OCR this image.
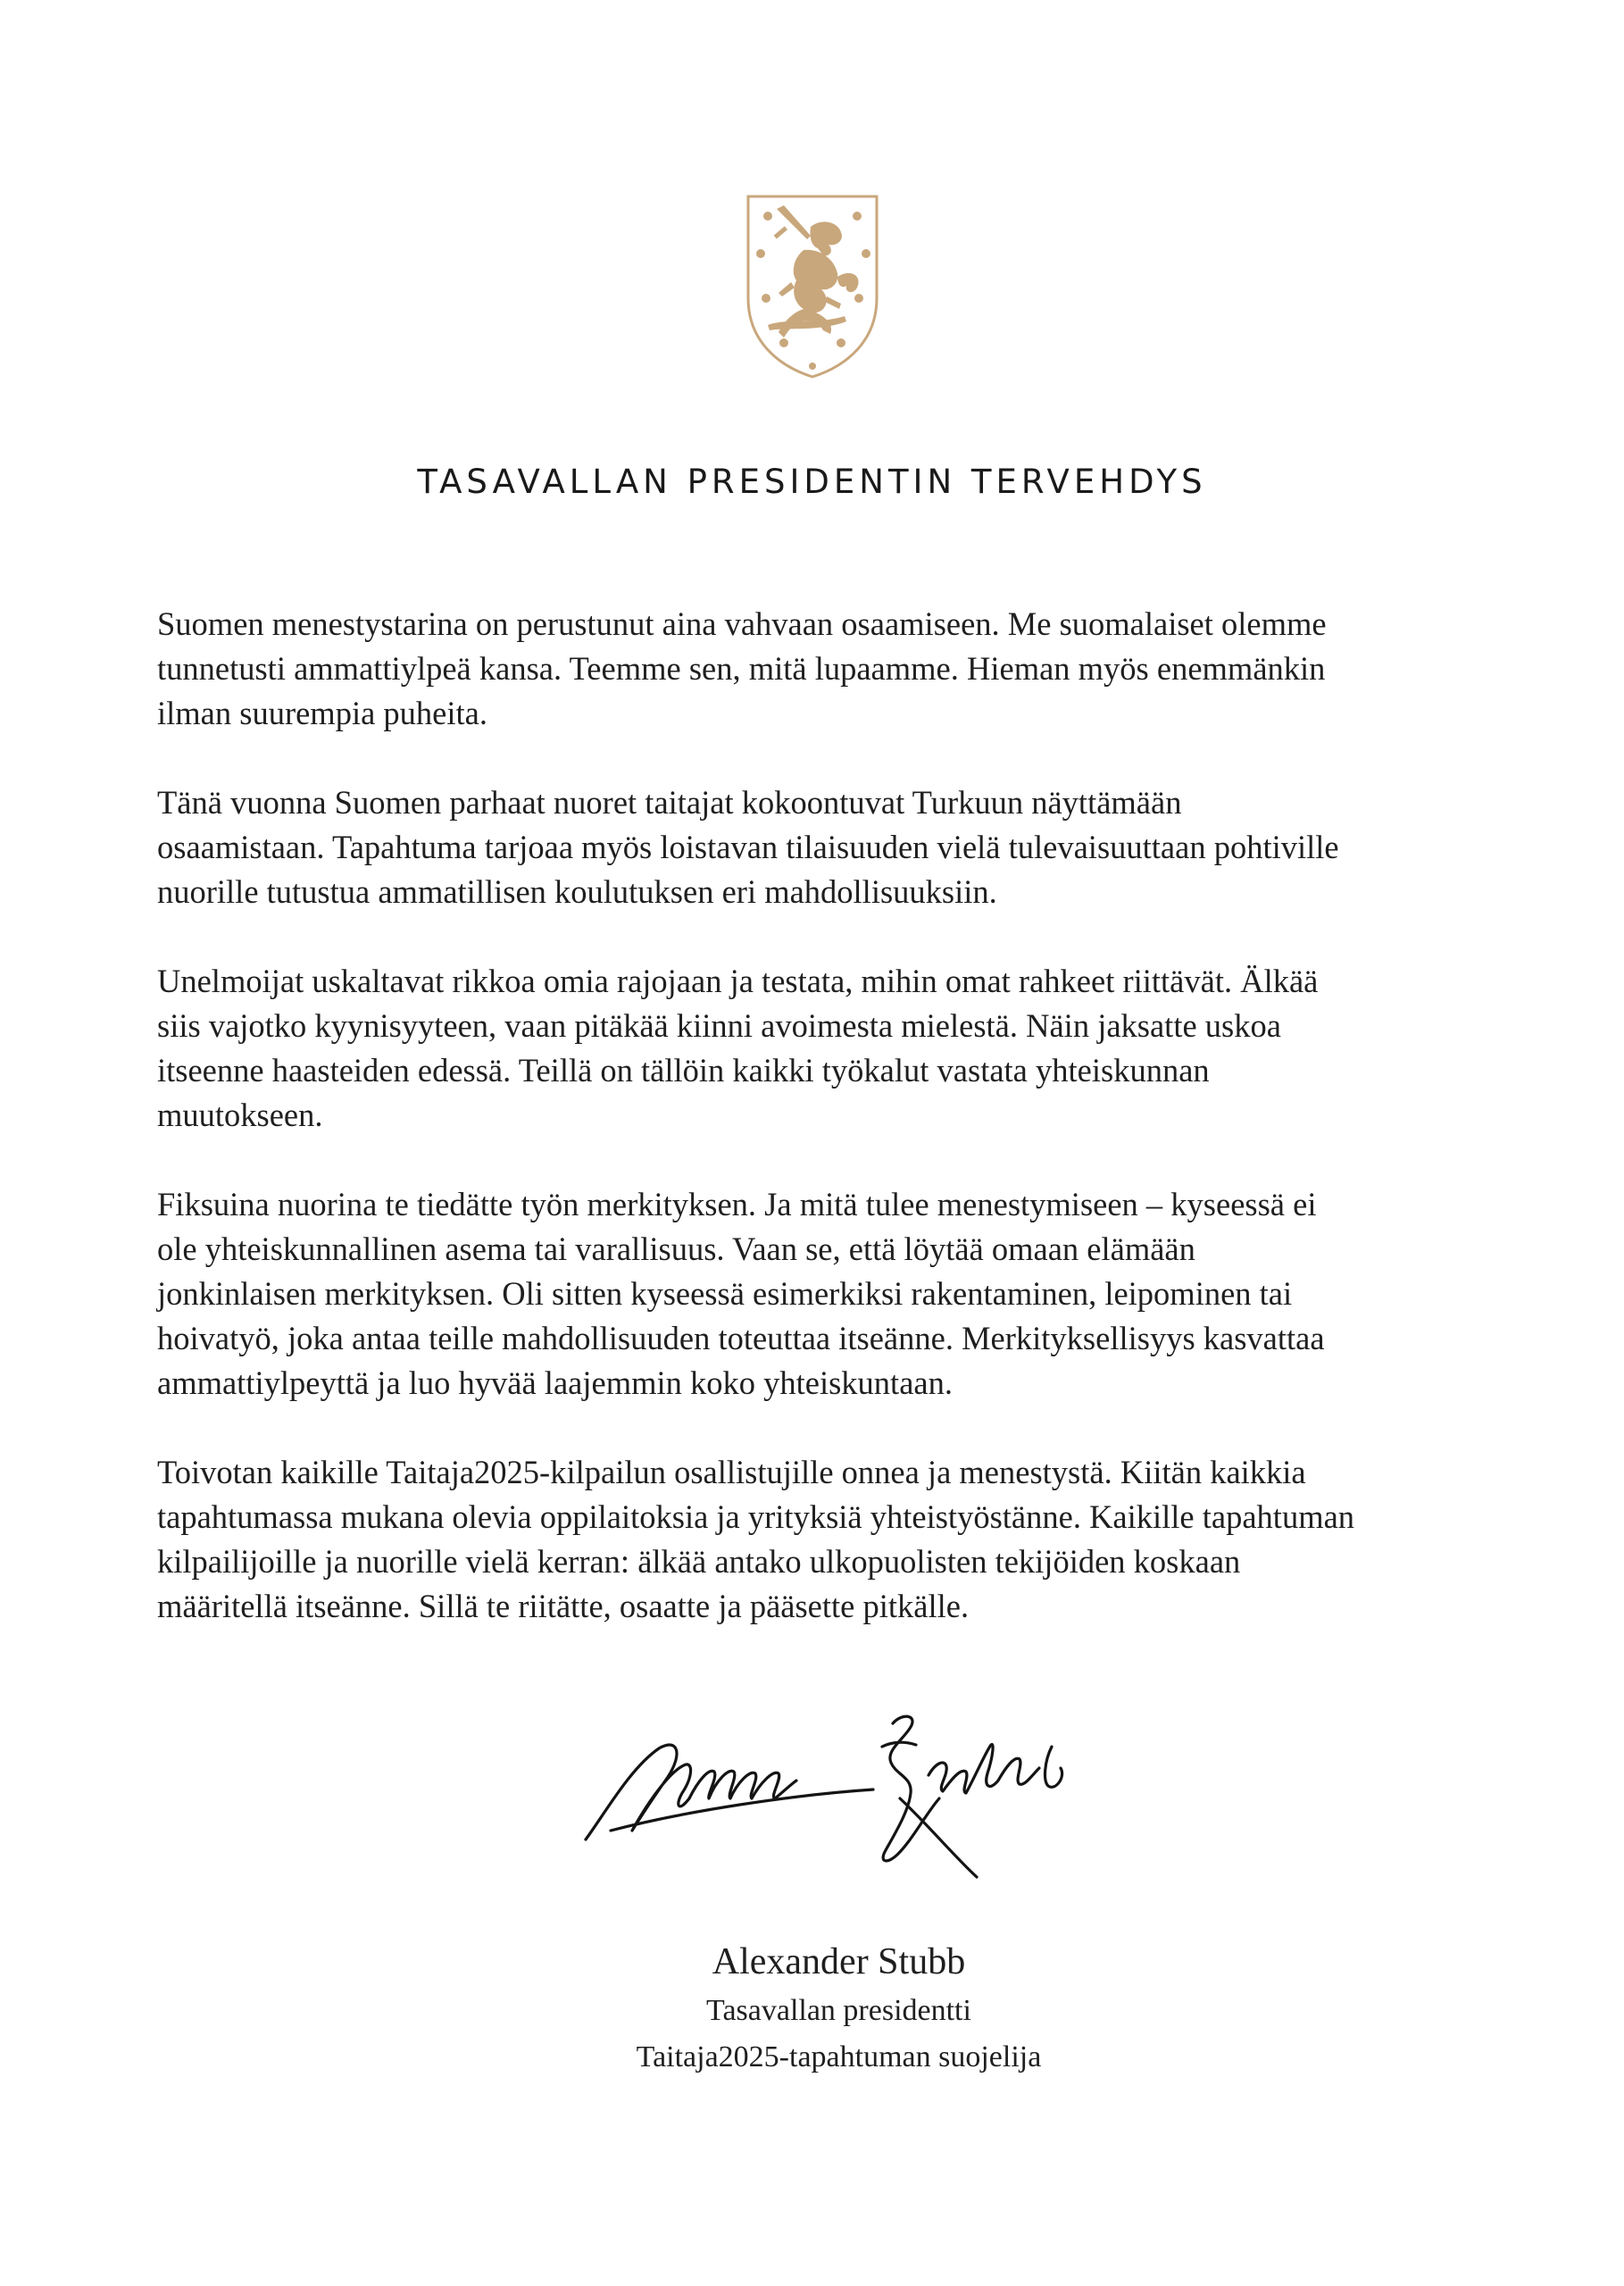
TASAVALLAN PRESIDENTIN TERVEHDYS

Suomen menestystarina on perustunut aina vahvaan osaamiseen. Me suomalaiset olemme
tunnetusti ammattiylpeä kansa. Teemme sen, mitä lupaamme. Hieman myös enemmänkin
ilman suurempia puheita.

Tänä vuonna Suomen parhaat nuoret taitajat kokoontuvat Turkuun näyttämään
osaamistaan. Tapahtuma tarjoaa myös loistavan tilaisuuden vielä tulevaisuuttaan pohtiville
nuorille tutustua ammatillisen koulutuksen eri mahdollisuuksiin.

Unelmoijat uskaltavat rikkoa omia rajojaan ja testata, mihin omat rahkeet riittävät. Älkää
siis vajotko kyynisyyteen, vaan pitäkää kiinni avoimesta mielestä. Näin jaksatte uskoa
itseenne haasteiden edessä. Teillä on tällöin kaikki työkalut vastata yhteiskunnan
muutokseen.

Fiksuina nuorina te tiedätte työn merkityksen. Ja mitä tulee menestymiseen – kyseessä ei
ole yhteiskunnallinen asema tai varallisuus. Vaan se, että löytää omaan elämään
jonkinlaisen merkityksen. Oli sitten kyseessä esimerkiksi rakentaminen, leipominen tai
hoivatyö, joka antaa teille mahdollisuuden toteuttaa itseänne. Merkityksellisyys kasvattaa
ammattiylpeyttä ja luo hyvää laajemmin koko yhteiskuntaan.

Toivotan kaikille Taitaja2025-kilpailun osallistujille onnea ja menestystä. Kiitän kaikkia
tapahtumassa mukana olevia oppilaitoksia ja yrityksiä yhteistyöstänne. Kaikille tapahtuman
kilpailijoille ja nuorille vielä kerran: älkää antako ulkopuolisten tekijöiden koskaan
määritellä itseänne. Sillä te riitätte, osaatte ja pääsette pitkälle.

Alexander Stubb
Tasavallan presidentti
Taitaja2025-tapahtuman suojelija
